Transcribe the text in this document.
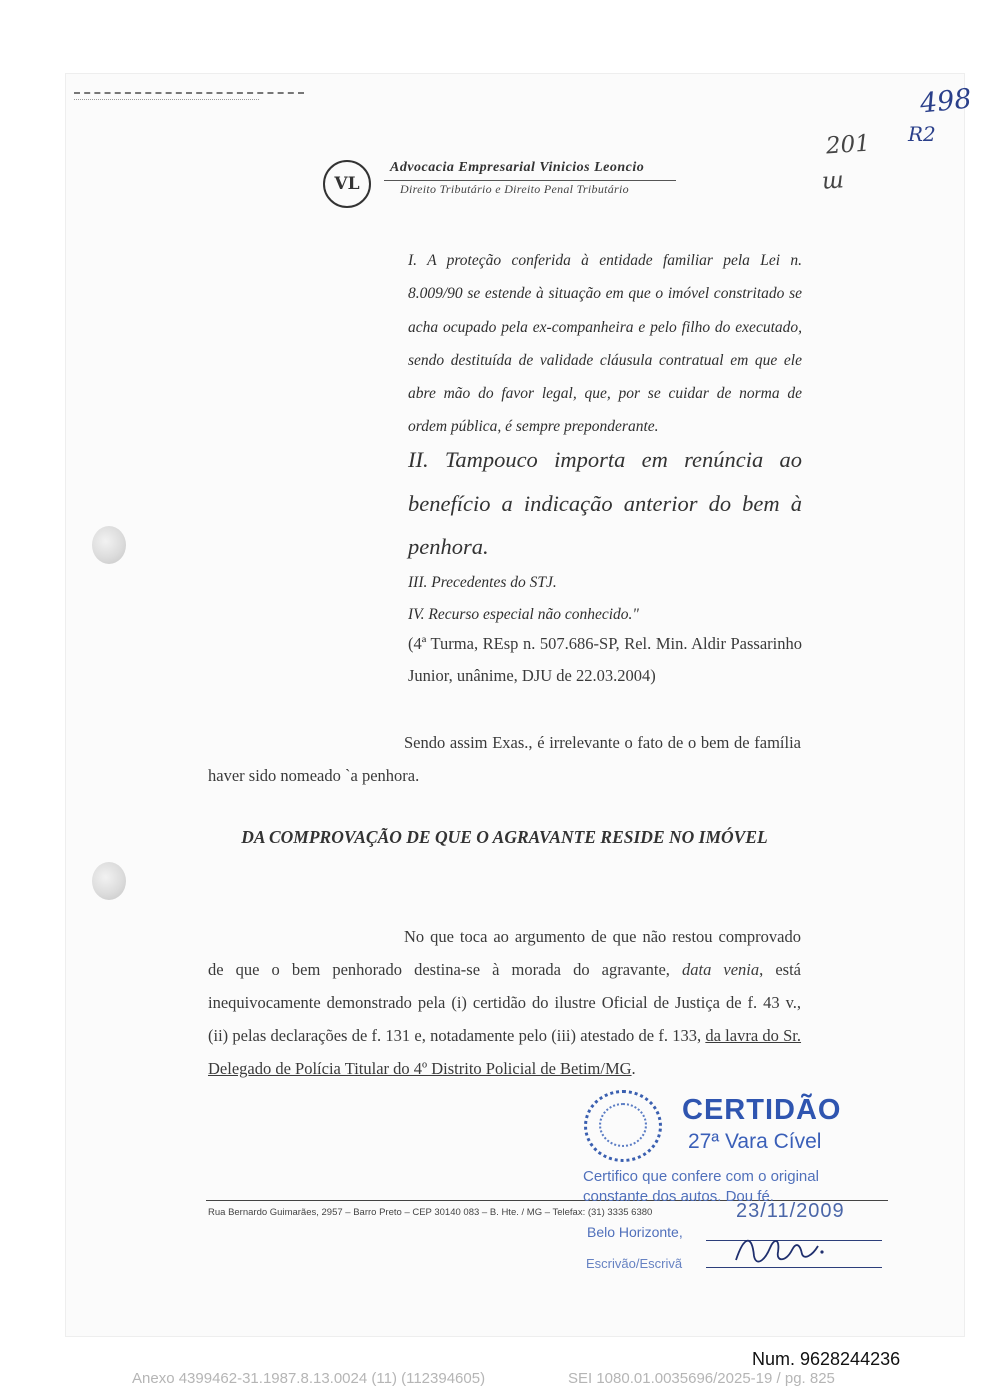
498
R2
201
ш
VL
Advocacia Empresarial Vinicios Leoncio
Direito Tributário e Direito Penal Tributário
I. A proteção conferida à entidade familiar pela Lei n. 8.009/90 se estende à situação em que o imóvel constritado se acha ocupado pela ex-companheira e pelo filho do executado, sendo destituída de validade cláusula contratual em que ele abre mão do favor legal, que, por se cuidar de norma de ordem pública, é sempre preponderante.
II. Tampouco importa em renúncia ao benefício a indicação anterior do bem à penhora.
III. Precedentes do STJ.
IV. Recurso especial não conhecido."
(4ª Turma, REsp n. 507.686-SP, Rel. Min. Aldir Passarinho Junior, unânime, DJU de 22.03.2004)
Sendo assim Exas., é irrelevante o fato de o bem de família haver sido nomeado `a penhora.
DA COMPROVAÇÃO DE QUE O AGRAVANTE RESIDE NO IMÓVEL
No que toca ao argumento de que não restou comprovado de que o bem penhorado destina-se à morada do agravante, data venia, está inequivocamente demonstrado pela (i) certidão do ilustre Oficial de Justiça de f. 43 v., (ii) pelas declarações de f. 131 e, notadamente pelo (iii) atestado de f. 133, da lavra do Sr. Delegado de Polícia Titular do 4º Distrito Policial de Betim/MG.
Rua Bernardo Guimarães, 2957 – Barro Preto – CEP 30140 083 – B. Hte. / MG – Telefax: (31) 3335 6380
CERTIDÃO
27ª Vara Cível
Certifico que confere com o original
constante dos autos. Dou fé.
23/11/2009
Belo Horizonte,
Escrivão/Escrivã
Num. 9628244236
Anexo 4399462-31.1987.8.13.0024 (11) (112394605)	SEI 1080.01.0035696/2025-19 / pg. 825
